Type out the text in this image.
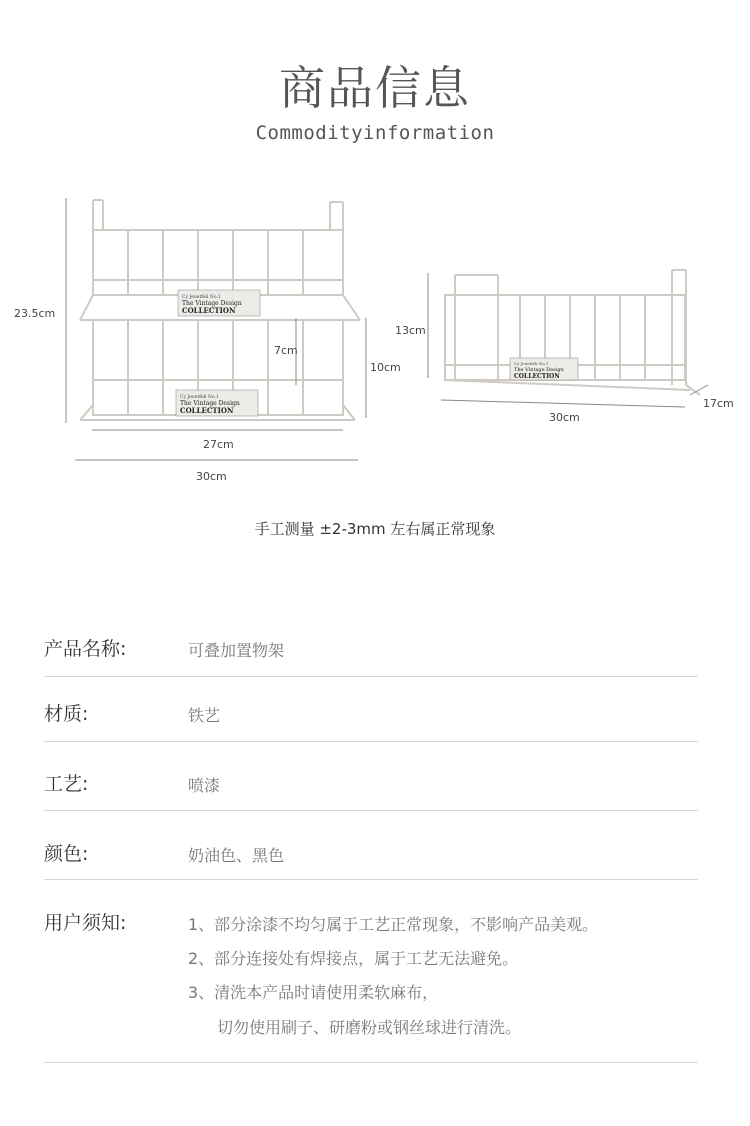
商品信息
Commodityinformation
Cy Jeuetfeli No.1
The Vintage Design
COLLECTION
Cy Jeuetfeli No.1
The Vintage Design
COLLECTION
Cy Jeuetfeli No.1
The Vintage Design
COLLECTION
23.5cm
7cm
10cm
27cm
30cm
13cm
30cm
17cm
手工测量 ±2-3mm 左右属正常现象
产品名称:	可叠加置物架
材质:	铁艺
工艺:	喷漆
颜色:	奶油色、黑色
用户须知:	1、部分涂漆不均匀属于工艺正常现象，不影响产品美观。
2、部分连接处有焊接点，属于工艺无法避免。
3、清洗本产品时请使用柔软麻布，
切勿使用刷子、研磨粉或钢丝球进行清洗。
